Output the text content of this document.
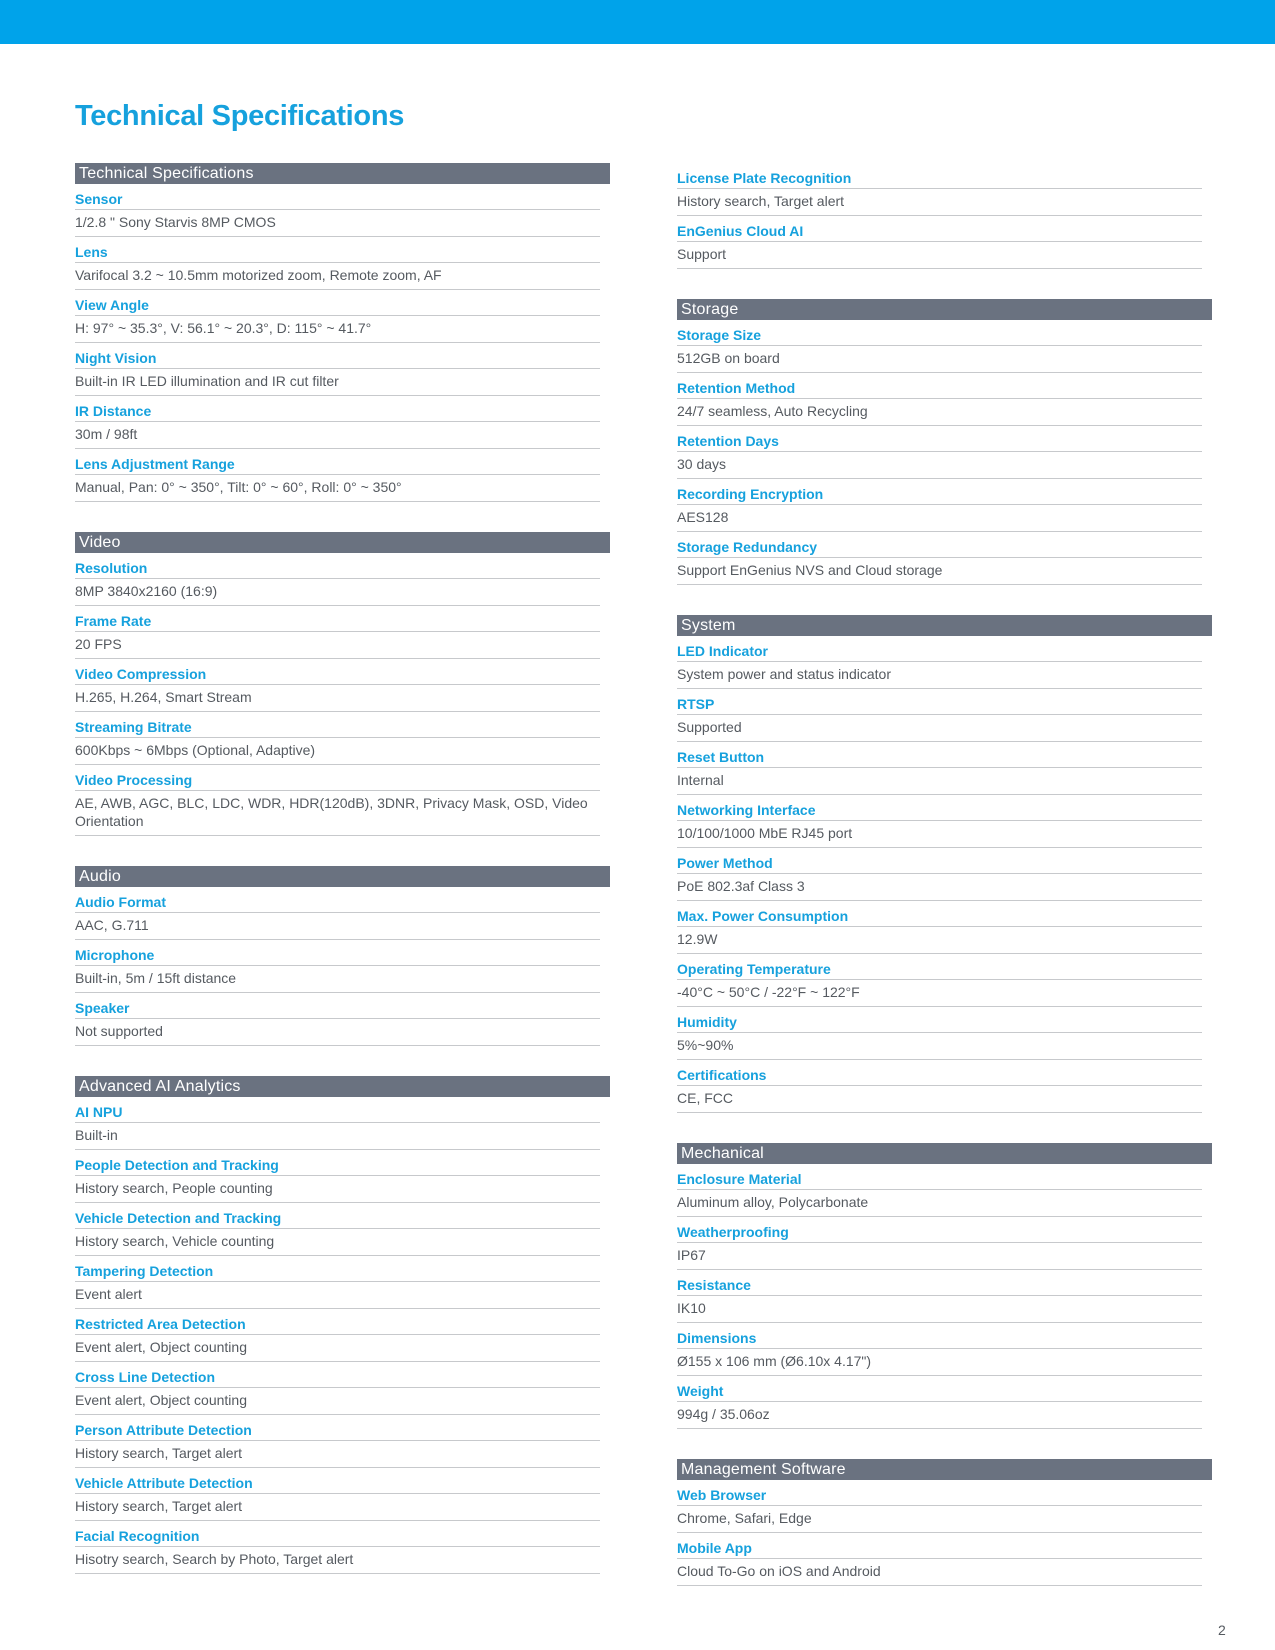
Technical Specifications
Technical Specifications
Sensor
1/2.8 " Sony Starvis 8MP CMOS
Lens
Varifocal 3.2 ~ 10.5mm motorized zoom, Remote zoom, AF
View Angle
H: 97° ~ 35.3°, V: 56.1° ~ 20.3°, D: 115° ~ 41.7°
Night Vision
Built-in IR LED illumination and IR cut filter
IR Distance
30m / 98ft
Lens Adjustment Range
Manual, Pan: 0° ~ 350°, Tilt: 0° ~ 60°, Roll: 0° ~ 350°
Video
Resolution
8MP 3840x2160 (16:9)
Frame Rate
20 FPS
Video Compression
H.265, H.264, Smart Stream
Streaming Bitrate
600Kbps ~ 6Mbps (Optional, Adaptive)
Video Processing
AE, AWB, AGC, BLC, LDC, WDR, HDR(120dB), 3DNR, Privacy Mask, OSD, Video Orientation
Audio
Audio Format
AAC, G.711
Microphone
Built-in, 5m / 15ft distance
Speaker
Not supported
Advanced AI Analytics
AI NPU
Built-in
People Detection and Tracking
History search, People counting
Vehicle Detection and Tracking
History search, Vehicle counting
Tampering Detection
Event alert
Restricted Area Detection
Event alert, Object counting
Cross Line Detection
Event alert, Object counting
Person Attribute Detection
History search, Target alert
Vehicle Attribute Detection
History search, Target alert
Facial Recognition
Hisotry search, Search by Photo, Target alert
License Plate Recognition
History search, Target alert
EnGenius Cloud AI
Support
Storage
Storage Size
512GB on board
Retention Method
24/7 seamless, Auto Recycling
Retention Days
30 days
Recording Encryption
AES128
Storage Redundancy
Support EnGenius NVS and Cloud storage
System
LED Indicator
System power and status indicator
RTSP
Supported
Reset Button
Internal
Networking Interface
10/100/1000 MbE RJ45 port
Power Method
PoE 802.3af Class 3
Max. Power Consumption
12.9W
Operating Temperature
-40°C ~ 50°C / -22°F ~ 122°F
Humidity
5%~90%
Certifications
CE, FCC
Mechanical
Enclosure Material
Aluminum alloy, Polycarbonate
Weatherproofing
IP67
Resistance
IK10
Dimensions
Ø155 x 106 mm (Ø6.10x 4.17")
Weight
994g / 35.06oz
Management Software
Web Browser
Chrome, Safari, Edge
Mobile App
Cloud To-Go on iOS and Android
2
